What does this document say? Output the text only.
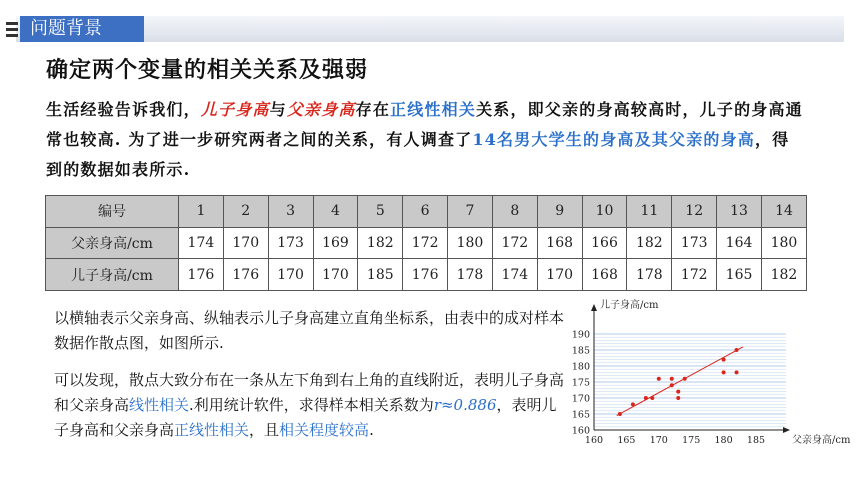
问题背景
确定两个变量的相关关系及强弱
生活经验告诉我们，儿子身高与父亲身高存在正线性相关关系，即父亲的身高较高时，儿子的身高通常也较高. 为了进一步研究两者之间的关系，有人调查了14名男大学生的身高及其父亲的身高，得到的数据如表所示.
编号	1	2	3	4	5	6	7	8	9	10	11	12	13	14
父亲身高/cm	174	170	173	169	182	172	180	172	168	166	182	173	164	180
儿子身高/cm	176	176	170	170	185	176	178	174	170	168	178	172	165	182
以横轴表示父亲身高、纵轴表示儿子身高建立直角坐标系，由表中的成对样本数据作散点图，如图所示.
可以发现，散点大致分布在一条从左下角到右上角的直线附近，表明儿子身高和父亲身高线性相关.利用统计软件，求得样本相关系数为r≈0.886，表明儿子身高和父亲身高正线性相关，且相关程度较高.
160 165 170 175 180 185
160
165
170
175
180
185
190
儿子身高/cm
父亲身高/cm
